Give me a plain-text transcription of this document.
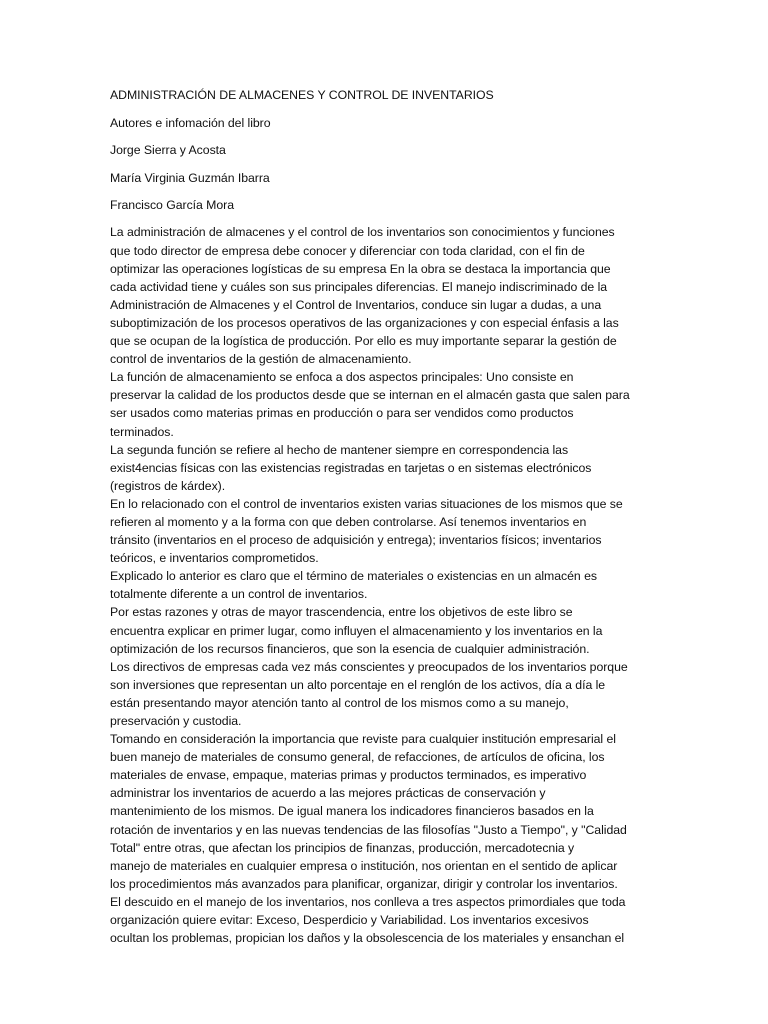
ADMINISTRACIÓN DE ALMACENES Y CONTROL DE INVENTARIOS
Autores e infomación del libro
Jorge Sierra y Acosta
María Virginia Guzmán Ibarra
Francisco García Mora
La administración de almacenes y el control de los inventarios son conocimientos y funciones
que todo director de empresa debe conocer y diferenciar con toda claridad, con el fin de
optimizar las operaciones logísticas de su empresa En la obra se destaca la importancia que
cada actividad tiene y cuáles son sus principales diferencias. El manejo indiscriminado de la
Administración de Almacenes y el Control de Inventarios, conduce sin lugar a dudas, a una
suboptimización de los procesos operativos de las organizaciones y con especial énfasis a las
que se ocupan de la logística de producción. Por ello es muy importante separar la gestión de
control de inventarios de la gestión de almacenamiento.
La función de almacenamiento se enfoca a dos aspectos principales: Uno consiste en
preservar la calidad de los productos desde que se internan en el almacén gasta que salen para
ser usados como materias primas en producción o para ser vendidos como productos
terminados.
La segunda función se refiere al hecho de mantener siempre en correspondencia las
exist4encias físicas con las existencias registradas en tarjetas o en sistemas electrónicos
(registros de kárdex).
En lo relacionado con el control de inventarios existen varias situaciones de los mismos que se
refieren al momento y a la forma con que deben controlarse. Así tenemos inventarios en
tránsito (inventarios en el proceso de adquisición y entrega); inventarios físicos; inventarios
teóricos, e inventarios comprometidos.
Explicado lo anterior es claro que el término de materiales o existencias en un almacén es
totalmente diferente a un control de inventarios.
Por estas razones y otras de mayor trascendencia, entre los objetivos de este libro se
encuentra explicar en primer lugar, como influyen el almacenamiento y los inventarios en la
optimización de los recursos financieros, que son la esencia de cualquier administración.
Los directivos de empresas cada vez más conscientes y preocupados de los inventarios porque
son inversiones que representan un alto porcentaje en el renglón de los activos, día a día le
están presentando mayor atención tanto al control de los mismos como a su manejo,
preservación y custodia.
Tomando en consideración la importancia que reviste para cualquier institución empresarial el
buen manejo de materiales de consumo general, de refacciones, de artículos de oficina, los
materiales de envase, empaque, materias primas y productos terminados, es imperativo
administrar los inventarios de acuerdo a las mejores prácticas de conservación y
mantenimiento de los mismos. De igual manera los indicadores financieros basados en la
rotación de inventarios y en las nuevas tendencias de las filosofías "Justo a Tiempo", y "Calidad
Total" entre otras, que afectan los principios de finanzas, producción, mercadotecnia y
manejo de materiales en cualquier empresa o institución, nos orientan en el sentido de aplicar
los procedimientos más avanzados para planificar, organizar, dirigir y controlar los inventarios.
El descuido en el manejo de los inventarios, nos conlleva a tres aspectos primordiales que toda
organización quiere evitar: Exceso, Desperdicio y Variabilidad. Los inventarios excesivos
ocultan los problemas, propician los daños y la obsolescencia de los materiales y ensanchan el
